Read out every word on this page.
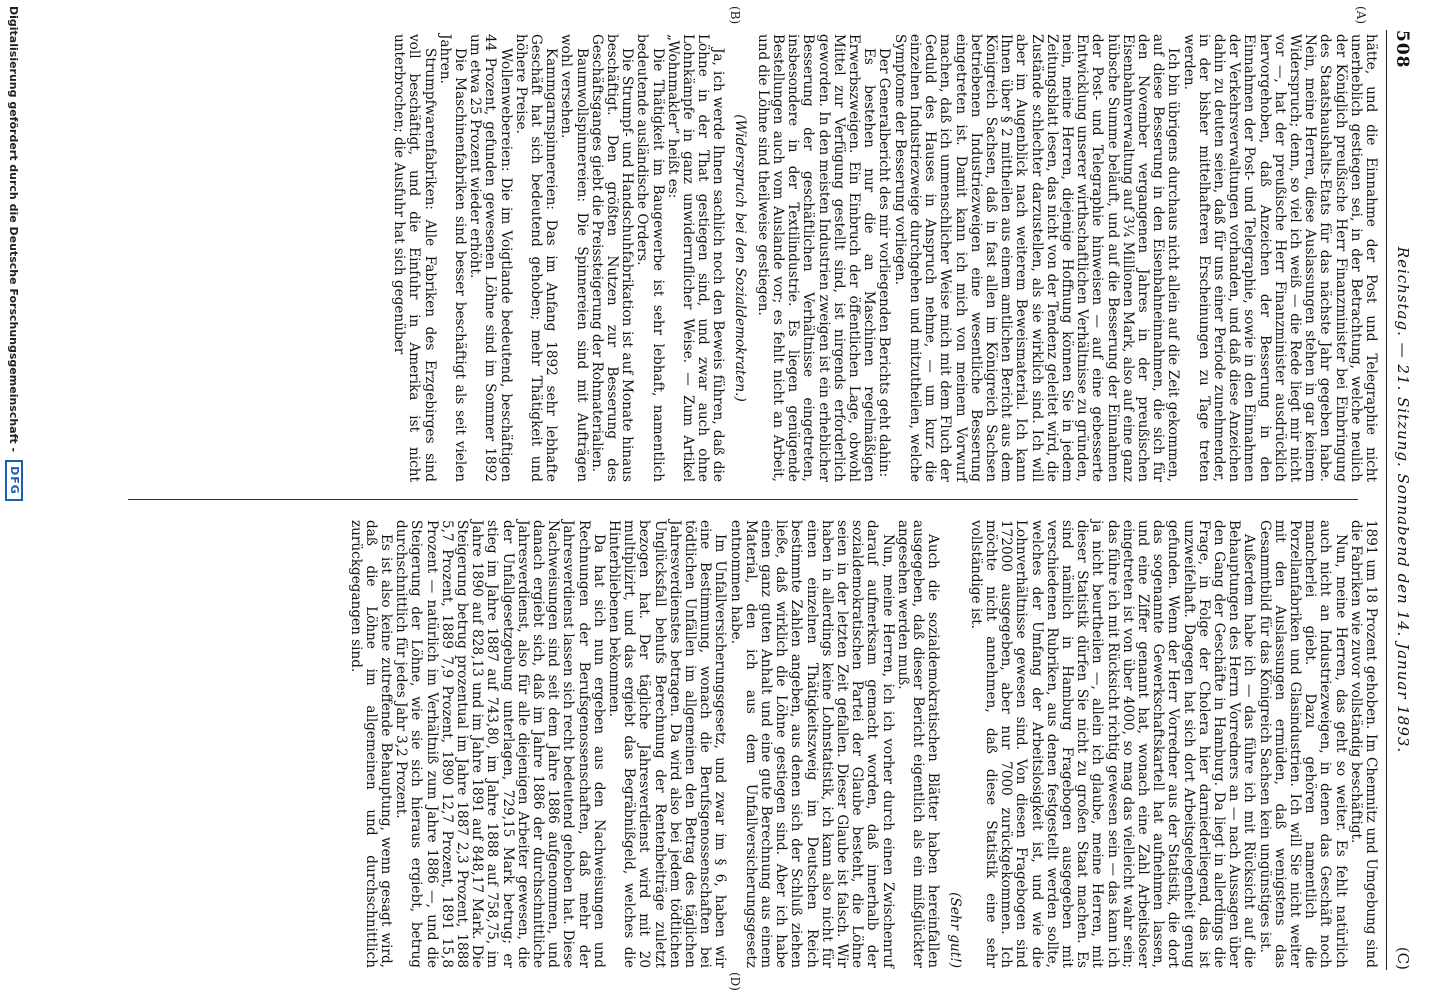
508
Reichstag. — 21. Sitzung. Sonnabend den 14. Januar 1893.
(C)
(A)
(B)
(D)

hätte, und die Einnahme der Post und Telegraphie nicht unerheblich gestiegen sei, in der Betrachtung, welche neulich der Königlich preußische Herr Finanzminister bei Einbringung des Staatshaushalts-Etats für das nächste Jahr gegeben habe. Nein, meine Herren, diese Auslassungen stehen in gar keinem Widerspruch; denn, so viel ich weiß — die Rede liegt mir nicht vor —, hat der preußische Herr Finanzminister ausdrücklich hervorgehoben, daß Anzeichen der Besserung in den Einnahmen der Post- und Telegraphie, sowie in den Einnahmen der Verkehrsverwaltungen vorhanden, und daß diese Anzeichen dahin zu deuten seien, daß für uns einer Periode zunehmender, in der bisher mittelhafteren Erscheinungen zu Tage treten werden.

Ich bin übrigens durchaus nicht allein auf die Zeit gekommen, auf diese Besserung in den Eisenbahneinnahmen, die sich für den November vergangenen Jahres in der preußischen Eisenbahnverwaltung auf 3¼ Millionen Mark, also auf eine ganz hübsche Summe beläuft, und auf die Besserung der Einnahmen der Post- und Telegraphie hinweisen — auf eine gebesserte Entwicklung unserer wirthschaftlichen Verhältnisse zu gründen, nein, meine Herren, diejenige Hoffnung können Sie in jedem Zeitungsblatt lesen, das nicht von der Tendenz geleitet wird, die Zustände schlechter darzustellen, als sie wirklich sind. Ich will aber im Augenblick nach weiterem Beweismaterial. Ich kann Ihnen über § 2 mittheilen aus einem amtlichen Bericht aus dem Königreich Sachsen, daß in fast allen im Königreich Sachsen betriebenen Industriezweigen eine wesentliche Besserung eingetreten ist. Damit kann ich mich von meinem Vorwurf machen, daß ich unmenschlicher Weise mich mit dem Fluch der Geduld des Hauses in Anspruch nehme, — um kurz die einzelnen Industriezweige durchgehen und mitzutheilen, welche Symptome der Besserung vorliegen.

Der Generalbericht des mir vorliegenden Berichts geht dahin:

Es bestehen nur die an Maschinen regelmäßigen Erwerbszweigen. Ein Einbruch der öffentlichen Lage, obwohl Mittel zur Verfügung gestellt sind, ist nirgends erforderlich geworden. In den meisten Industrien zweigen ist ein erheblicher Besserung der geschäftlichen Verhältnisse eingetreten, insbesondere in der Textilindustrie. Es liegen genügende Bestellungen auch vom Auslande vor; es fehlt nicht an Arbeit, und die Löhne sind theilweise gestiegen.

(Widerspruch bei den Sozialdemokraten.)

Ja, ich werde Ihnen sachlich noch den Beweis führen, daß die Löhne in der That gestiegen sind, und zwar auch ohne Lohnkämpfe in ganz unwiderruflicher Weise. — Zum Artikel „Wohnmakler“ heißt es:

Die Thätigkeit im Baugewerbe ist sehr lebhaft, namentlich bedeutende ausländische Orders.

Die Strumpf- und Handschuhfabrikation ist auf Monate hinaus beschäftigt. Den größten Nutzen zur Besserung des Geschäftsganges giebt die Preissteigerung der Rohmaterialien.

Baumwollspinnereien: Die Spinnereien sind mit Aufträgen wohl versehen.

Kammgarnspinnereien: Das im Anfang 1892 sehr lebhafte Geschäft hat sich bedeutend gehoben; mehr Thätigkeit und höhere Preise.

Wollenwebereien: Die im Voigtlande bedeutend, beschäftigen 44 Prozent, gefunden gewesenen Löhne sind im Sommer 1892 um etwa 25 Prozent wieder erhöht.

Die Maschinenfabriken sind besser beschäftigt als seit vielen Jahren.

Strumpfwarenfabriken: Alle Fabriken des Erzgebirges sind voll beschäftigt, und die Einfuhr in Amerika ist nicht unterbrochen; die Ausfuhr hat sich gegenüber

1891 um 18 Prozent gehoben. Im Chemnitz und Umgebung sind die Fabriken wie zuvor vollständig beschäftigt.

Nun, meine Herren, das geht so weiter. Es fehlt natürlich auch nicht an Industriezweigen, in denen das Geschäft noch mancherlei giebt. Dazu gehören namentlich die Porzellanfabriken und Glasindustrien. Ich will Sie nicht weiter mit den Auslassungen ermüden, daß wenigstens das Gesammtbild für das Königreich Sachsen kein ungünstiges ist.

Außerdem habe ich — das führe ich mit Rücksicht auf die Behauptungen des Herrn Vorredners an — nach Aussagen über den Gang der Geschäfte in Hamburg. Da liegt in allerdings die Frage, in Folge der Cholera hier darniederliegend, das ist unzweifelhaft. Dagegen hat sich dort Arbeitsgelegenheit genug gefunden. Wenn der Herr Vorredner aus der Statistik, die dort das sogenannte Gewerkschaftskartell hat aufnehmen lassen, und eine Ziffer genannt hat, wonach eine Zahl Arbeitsloser eingetreten ist von über 4000, so mag das vielleicht wahr sein; das führe ich mit Rücksicht richtig gewesen sein — das kann ich ja nicht beurtheilen —, allein ich glaube, meine Herren, mit dieser Statistik dürfen Sie nicht zu großen Staat machen. Es sind nämlich in Hamburg Fragebogen ausgegeben mit verschiedenen Rubriken, aus denen festgestellt werden sollte, welches der Umfang der Arbeitslosigkeit ist, und wie die Lohnverhältnisse gewesen sind. Von diesen Fragebogen sind 172000 ausgegeben, aber nur 7000 zurückgekommen. Ich möchte nicht annehmen, daß diese Statistik eine sehr vollständige ist.

(Sehr gut!)

Auch die sozialdemokratischen Blätter haben hereinfallen ausgegeben, daß dieser Bericht eigentlich als ein mißglückter angesehen werden muß.

Nun, meine Herren, ich ich vorher durch einen Zwischenruf darauf aufmerksam gemacht worden, daß innerhalb der sozialdemokratischen Partei der Glaube besteht, die Löhne seien in der letzten Zeit gefallen. Dieser Glaube ist falsch. Wir haben in allerdings keine Lohnstatistik, ich kann also nicht für einen einzelnen Thätigkeitszweig im Deutschen Reich bestimmte Zahlen angeben, aus denen sich der Schluß ziehen ließe, daß wirklich die Löhne gestiegen sind. Aber ich habe einen ganz guten Anhalt und eine gute Berechnung aus einem Material, den ich aus dem Unfallversicherungsgesetz entnommen habe.

Im Unfallversicherungsgesetz, und zwar im § 6, haben wir eine Bestimmung, wonach die Berufsgenossenschaften bei tödtlichen Unfällen im allgemeinen den Betrag des täglichen Jahresverdienstes betragen. Da wird also bei jedem tödtlichen Unglücksfall behufs Berechnung der Rentenbeiträge zuletzt bezogen hat. Der tägliche Jahresverdienst wird mit 20 multiplizirt, und das ergiebt das Begräbnißgeld, welches die Hinterbliebenen bekommen.

Da hat sich nun ergeben aus den Nachweisungen und Rechnungen der Berufsgenossenschaften, daß mehr der Jahresverdienst lassen sich recht bedeutend gehoben hat. Diese Nachweisungen sind seit dem Jahre 1886 aufgenommen, und danach ergiebt sich, daß im Jahre 1886 der durchschnittliche Jahresverdienst, also für alle diejenigen Arbeiter gewesen, die der Unfallgesetzgebung unterlagen, 729,15 Mark betrug; er stieg im Jahre 1887 auf 743,80, im Jahre 1888 auf 758,75, im Jahre 1890 auf 828,13 und im Jahre 1891 auf 848,17 Mark. Die Steigerung betrug prozentual im Jahre 1887 2,3 Prozent, 1888 5,7 Prozent, 1889 7,9 Prozent, 1890 12,7 Prozent, 1891 15,8 Prozent — natürlich im Verhältniß zum Jahre 1886 —, und die Steigerung der Löhne, wie sie sich hieraus ergiebt, betrug durchschnittlich für jedes Jahr 3,2 Prozent.

Es ist also keine zutreffende Behauptung, wenn gesagt wird, daß die Löhne im allgemeinen und durchschnittlich zurückgegangen sind.

Digitalisierung gefördert durch die Deutsche Forschungsgemeinschaft -
DFG
